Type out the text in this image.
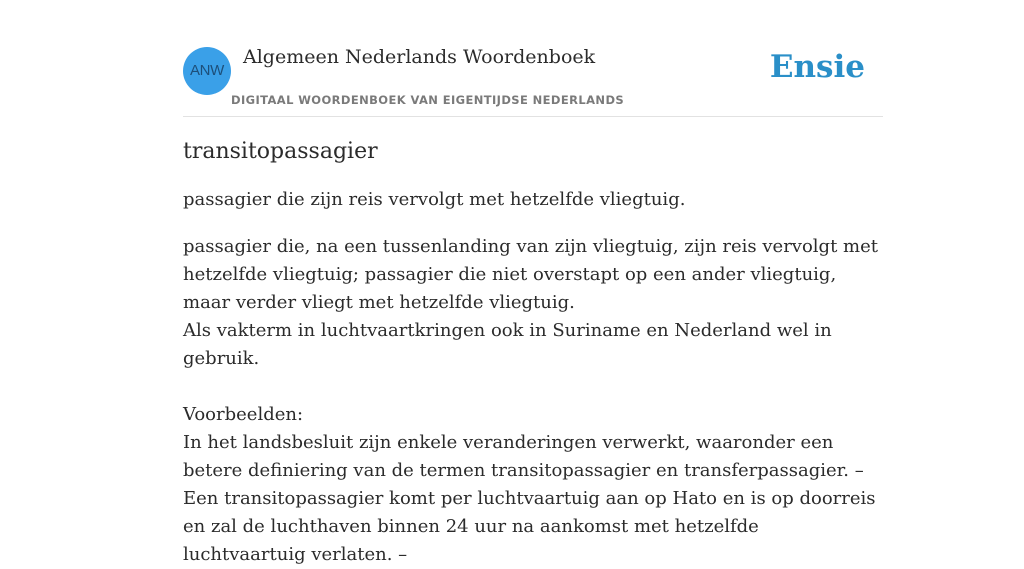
ANW
Algemeen Nederlands Woordenboek
DIGITAAL WOORDENBOEK VAN EIGENTIJDSE NEDERLANDS
Ensie
transitopassagier

passagier die zijn reis vervolgt met hetzelfde vliegtuig.

passagier die, na een tussenlanding van zijn vliegtuig, zijn reis vervolgt met hetzelfde vliegtuig; passagier die niet overstapt op een ander vliegtuig, maar verder vliegt met hetzelfde vliegtuig.
Als vakterm in luchtvaartkringen ook in Suriname en Nederland wel in gebruik.

Voorbeelden:
In het landsbesluit zijn enkele veranderingen verwerkt, waaronder een betere definiering van de termen transitopassagier en transferpassagier. – Een transitopassagier komt per luchtvaartuig aan op Hato en is op doorreis en zal de luchthaven binnen 24 uur na aankomst met hetzelfde luchtvaartuig verlaten. –
